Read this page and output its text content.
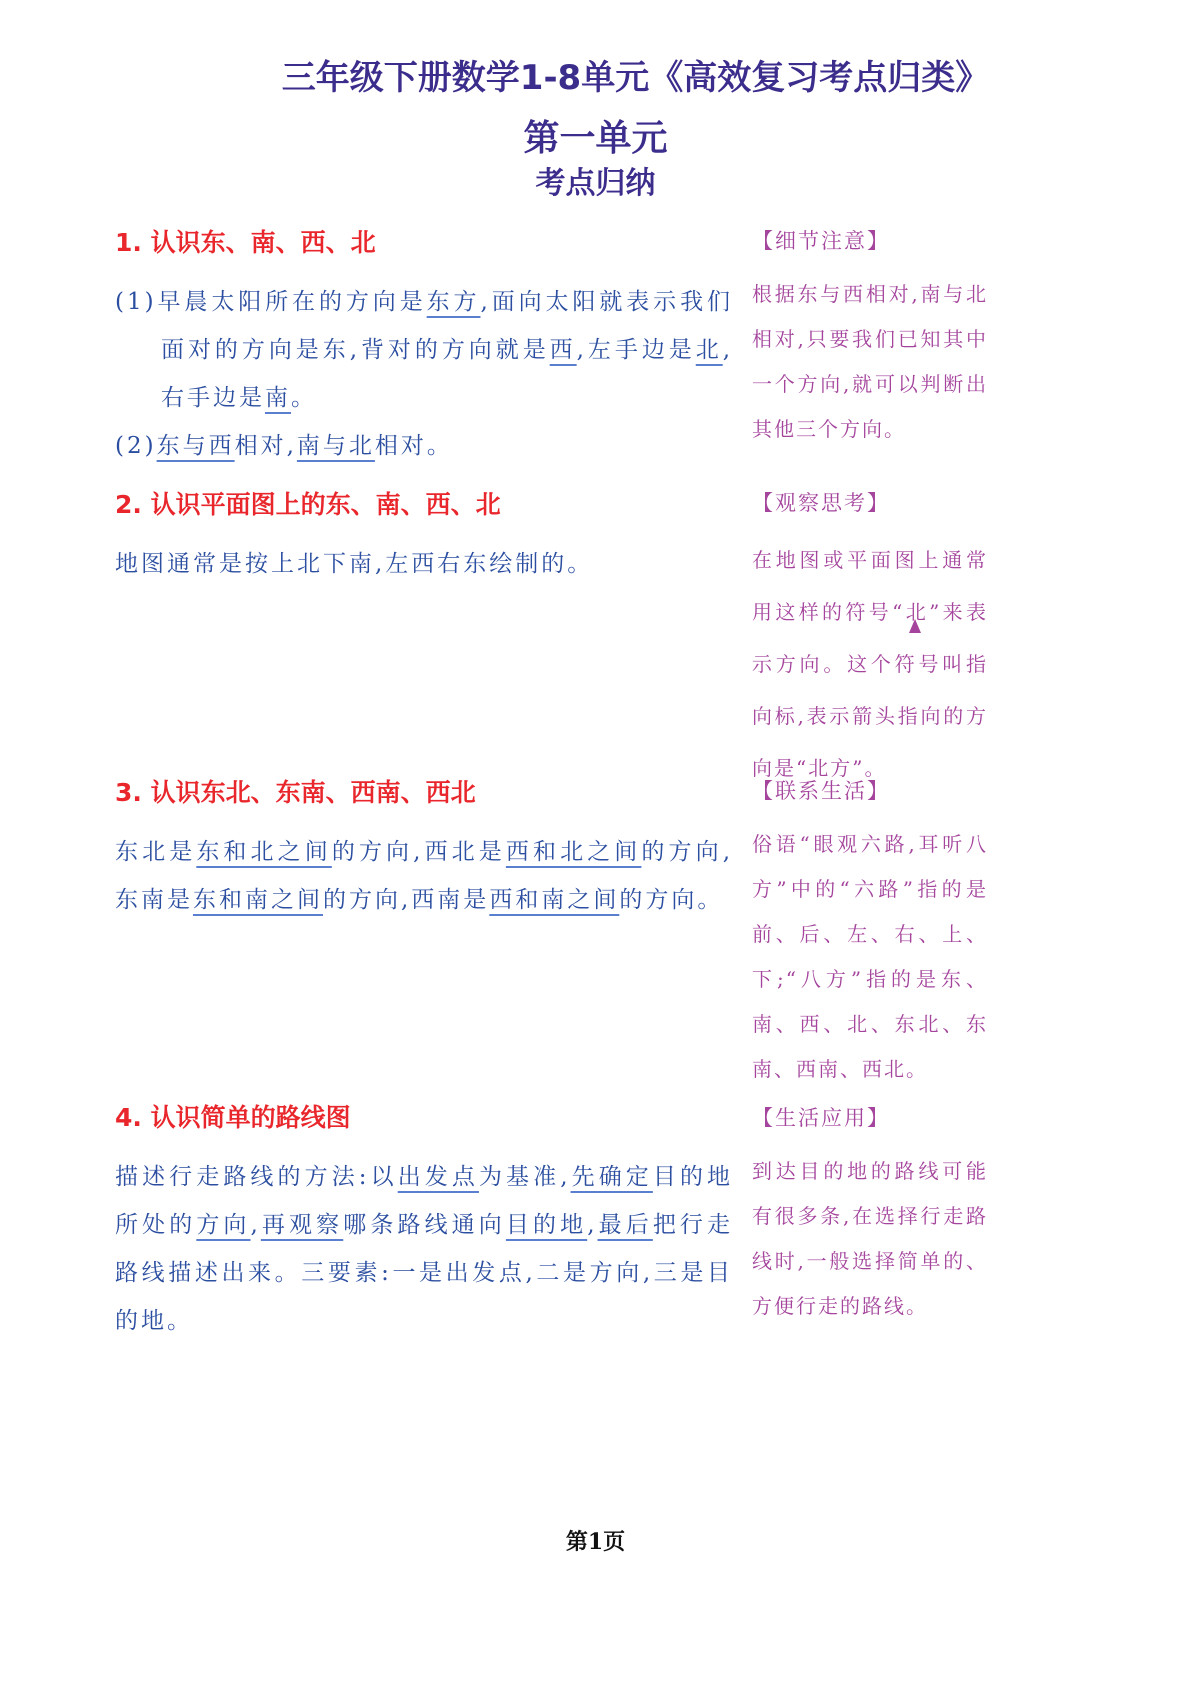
三年级下册数学1-8单元《高效复习考点归类》
第一单元
考点归纳
1. 认识东、南、西、北
(1)早晨太阳所在的方向是东方,面向太阳就表示我们面对的方向是东,背对的方向就是西,左手边是北,右手边是南。
(2)东与西相对,南与北相对。
【细节注意】
根据东与西相对,南与北相对,只要我们已知其中一个方向,就可以判断出其他三个方向。
2. 认识平面图上的东、南、西、北
地图通常是按上北下南,左西右东绘制的。
【观察思考】
在地图或平面图上通常用这样的符号“北”来表示方向。这个符号叫指向标,表示箭头指向的方向是“北方”。
3. 认识东北、东南、西南、西北
东北是东和北之间的方向,西北是西和北之间的方向,东南是东和南之间的方向,西南是西和南之间的方向。
【联系生活】
俗语“眼观六路,耳听八方”中的“六路”指的是前、后、左、右、上、下;“八方”指的是东、南、西、北、东北、东南、西南、西北。
4. 认识简单的路线图
描述行走路线的方法:以出发点为基准,先确定目的地所处的方向,再观察哪条路线通向目的地,最后把行走路线描述出来。三要素:一是出发点,二是方向,三是目的地。
【生活应用】
到达目的地的路线可能有很多条,在选择行走路线时,一般选择简单的、方便行走的路线。
第1页
